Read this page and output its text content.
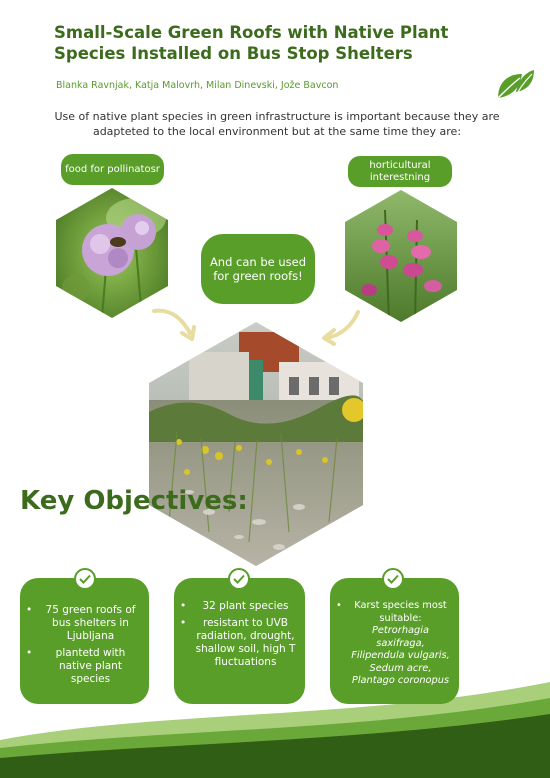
Small-Scale Green Roofs with Native Plant Species Installed on Bus Stop Shelters
Blanka Ravnjak, Katja Malovrh, Milan Dinevski, Jože Bavcon
Use of native plant species in green infrastructure is important because they are adapteted to the local environment but at the same time they are:
food for pollinatosr	horticultural interestning
And can be used for green roofs!
Key Objectives:
• 75 green roofs of bus shelters in Ljubljana
• plantetd with native plant species
• 32 plant species
• resistant to UVB radiation, drought, shallow soil, high T fluctuations
• Karst species most suitable:
Petrorhagia saxifraga,
Filipendula vulgaris,
Sedum acre,
Plantago coronopus
